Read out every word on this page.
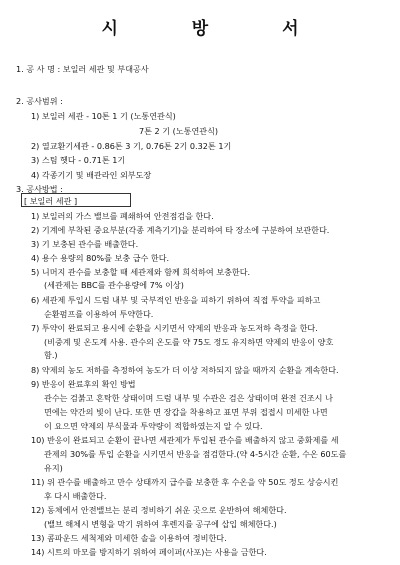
시 방 서
1. 공 사 명 : 보일러 세관 및 부대공사
2. 공사범위 :
1) 보일러 세관 - 10톤 1 기 (노통연관식)
7톤 2 기 (노통연관식)
2) 열교환기세관 - 0.86톤 3 기, 0.76톤 2기 0.32톤 1기
3) 스팀 헷다 - 0.71톤 1기
4) 각종기기 및 배관라인 외부도장
3. 공사방법 :
[ 보일러 세관 ]
1) 보일러의 가스 밸브를 폐쇄하여 안전점검을 한다.
2) 기계에 부착된 중요부분(각종 계측기기)을 분리하여 타 장소에 구분하여 보관한다.
3) 기 보충된 관수를 배출한다.
4) 용수 용량의 80%를 보충 급수 한다.
5) 니머지 관수를 보충할 때 세관제와 함께 희석하여 보충한다.
(세관제는 BBC를 관수용량에 7% 이상)
6) 세관제 투입시 드럼 내부 및 국부적인 반응을 피하기 위하여 직접 투약을 피하고
순환펌프를 이용하여 투약한다.
7) 투약이 완료되고 용시에 순환을 시키면서 약제의 반응과 농도저하 측정을 한다.
(비중계 및 온도계 사용. 관수의 온도를 약 75도 정도 유지하면 약제의 반응이 양호
함.)
8) 약제의 농도 저하를 측정하여 농도가 더 이상 저하되지 않을 때까지 순환을 계속한다.
9) 반응이 완료후의 확인 방법
관수는 검붉고 혼탁한 상태이며 드럼 내부 및 수관은 검은 상태이며 완전 건조시 나
면에는 약간의 빛이 난다. 또한 면 장갑을 착용하고 표면 부위 접접시 미세한 나면
이 요으면 약제의 부식물과 투약량이 적합하였는지 알 수 있다.
10) 반응이 완료되고 순환이 끝나면 세관제가 투입된 관수를 배출하지 않고 중화제를 세
관제의 30%를 투입 순환을 시키면서 반응을 점검한다.(약 4-5시간 순환, 수온 60도를
유지)
11) 위 관수를 배출하고 만수 상태까지 급수를 보충한 후 수온을 약 50도 정도 상승시킨
후 다시 배출한다.
12) 동체에서 안전밸브는 분리 정비하기 쉬운 곳으로 운반하여 해체한다.
(밸브 해체시 변형을 막기 위하여 후렌지를 공구에 삽입 해체한다.)
13) 콤파운드 세척제와 미세한 솔을 이용하여 정비한다.
14) 시트의 마모를 방지하기 위하여 페이퍼(사포)는 사용을 금한다.
